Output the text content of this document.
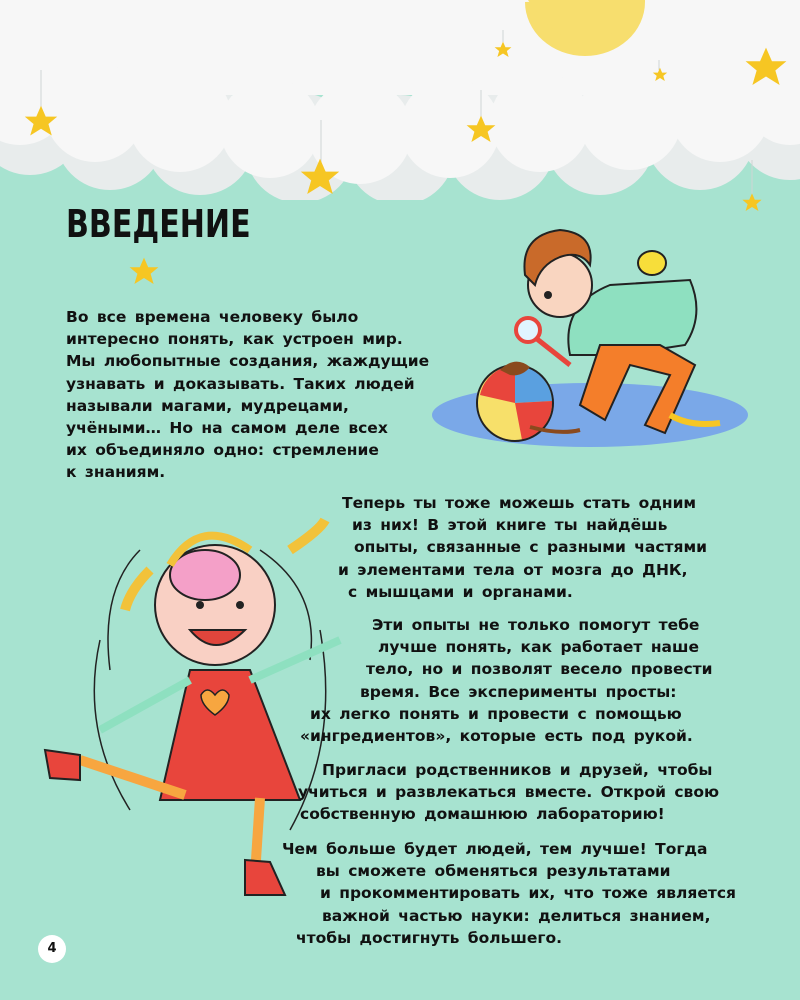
ВВЕДЕНИЕ

Во все времена человеку было
интересно понять, как устроен мир.
Мы любопытные создания, жаждущие
узнавать и доказывать. Таких людей
называли магами, мудрецами,
учёными… Но на самом деле всех
их объединяло одно: стремление
к знаниям.

Теперь ты тоже можешь стать одним
из них! В этой книге ты найдёшь
опыты, связанные с разными частями
и элементами тела от мозга до ДНК,
с мышцами и органами.

Эти опыты не только помогут тебе
лучше понять, как работает наше
тело, но и позволят весело провести
время. Все эксперименты просты:
их легко понять и провести с помощью
«ингредиентов», которые есть под рукой.

Пригласи родственников и друзей, чтобы
учиться и развлекаться вместе. Открой свою
собственную домашнюю лабораторию!

Чем больше будет людей, тем лучше! Тогда
вы сможете обменяться результатами
и прокомментировать их, что тоже является
важной частью науки: делиться знанием,
чтобы достигнуть большего.

4
